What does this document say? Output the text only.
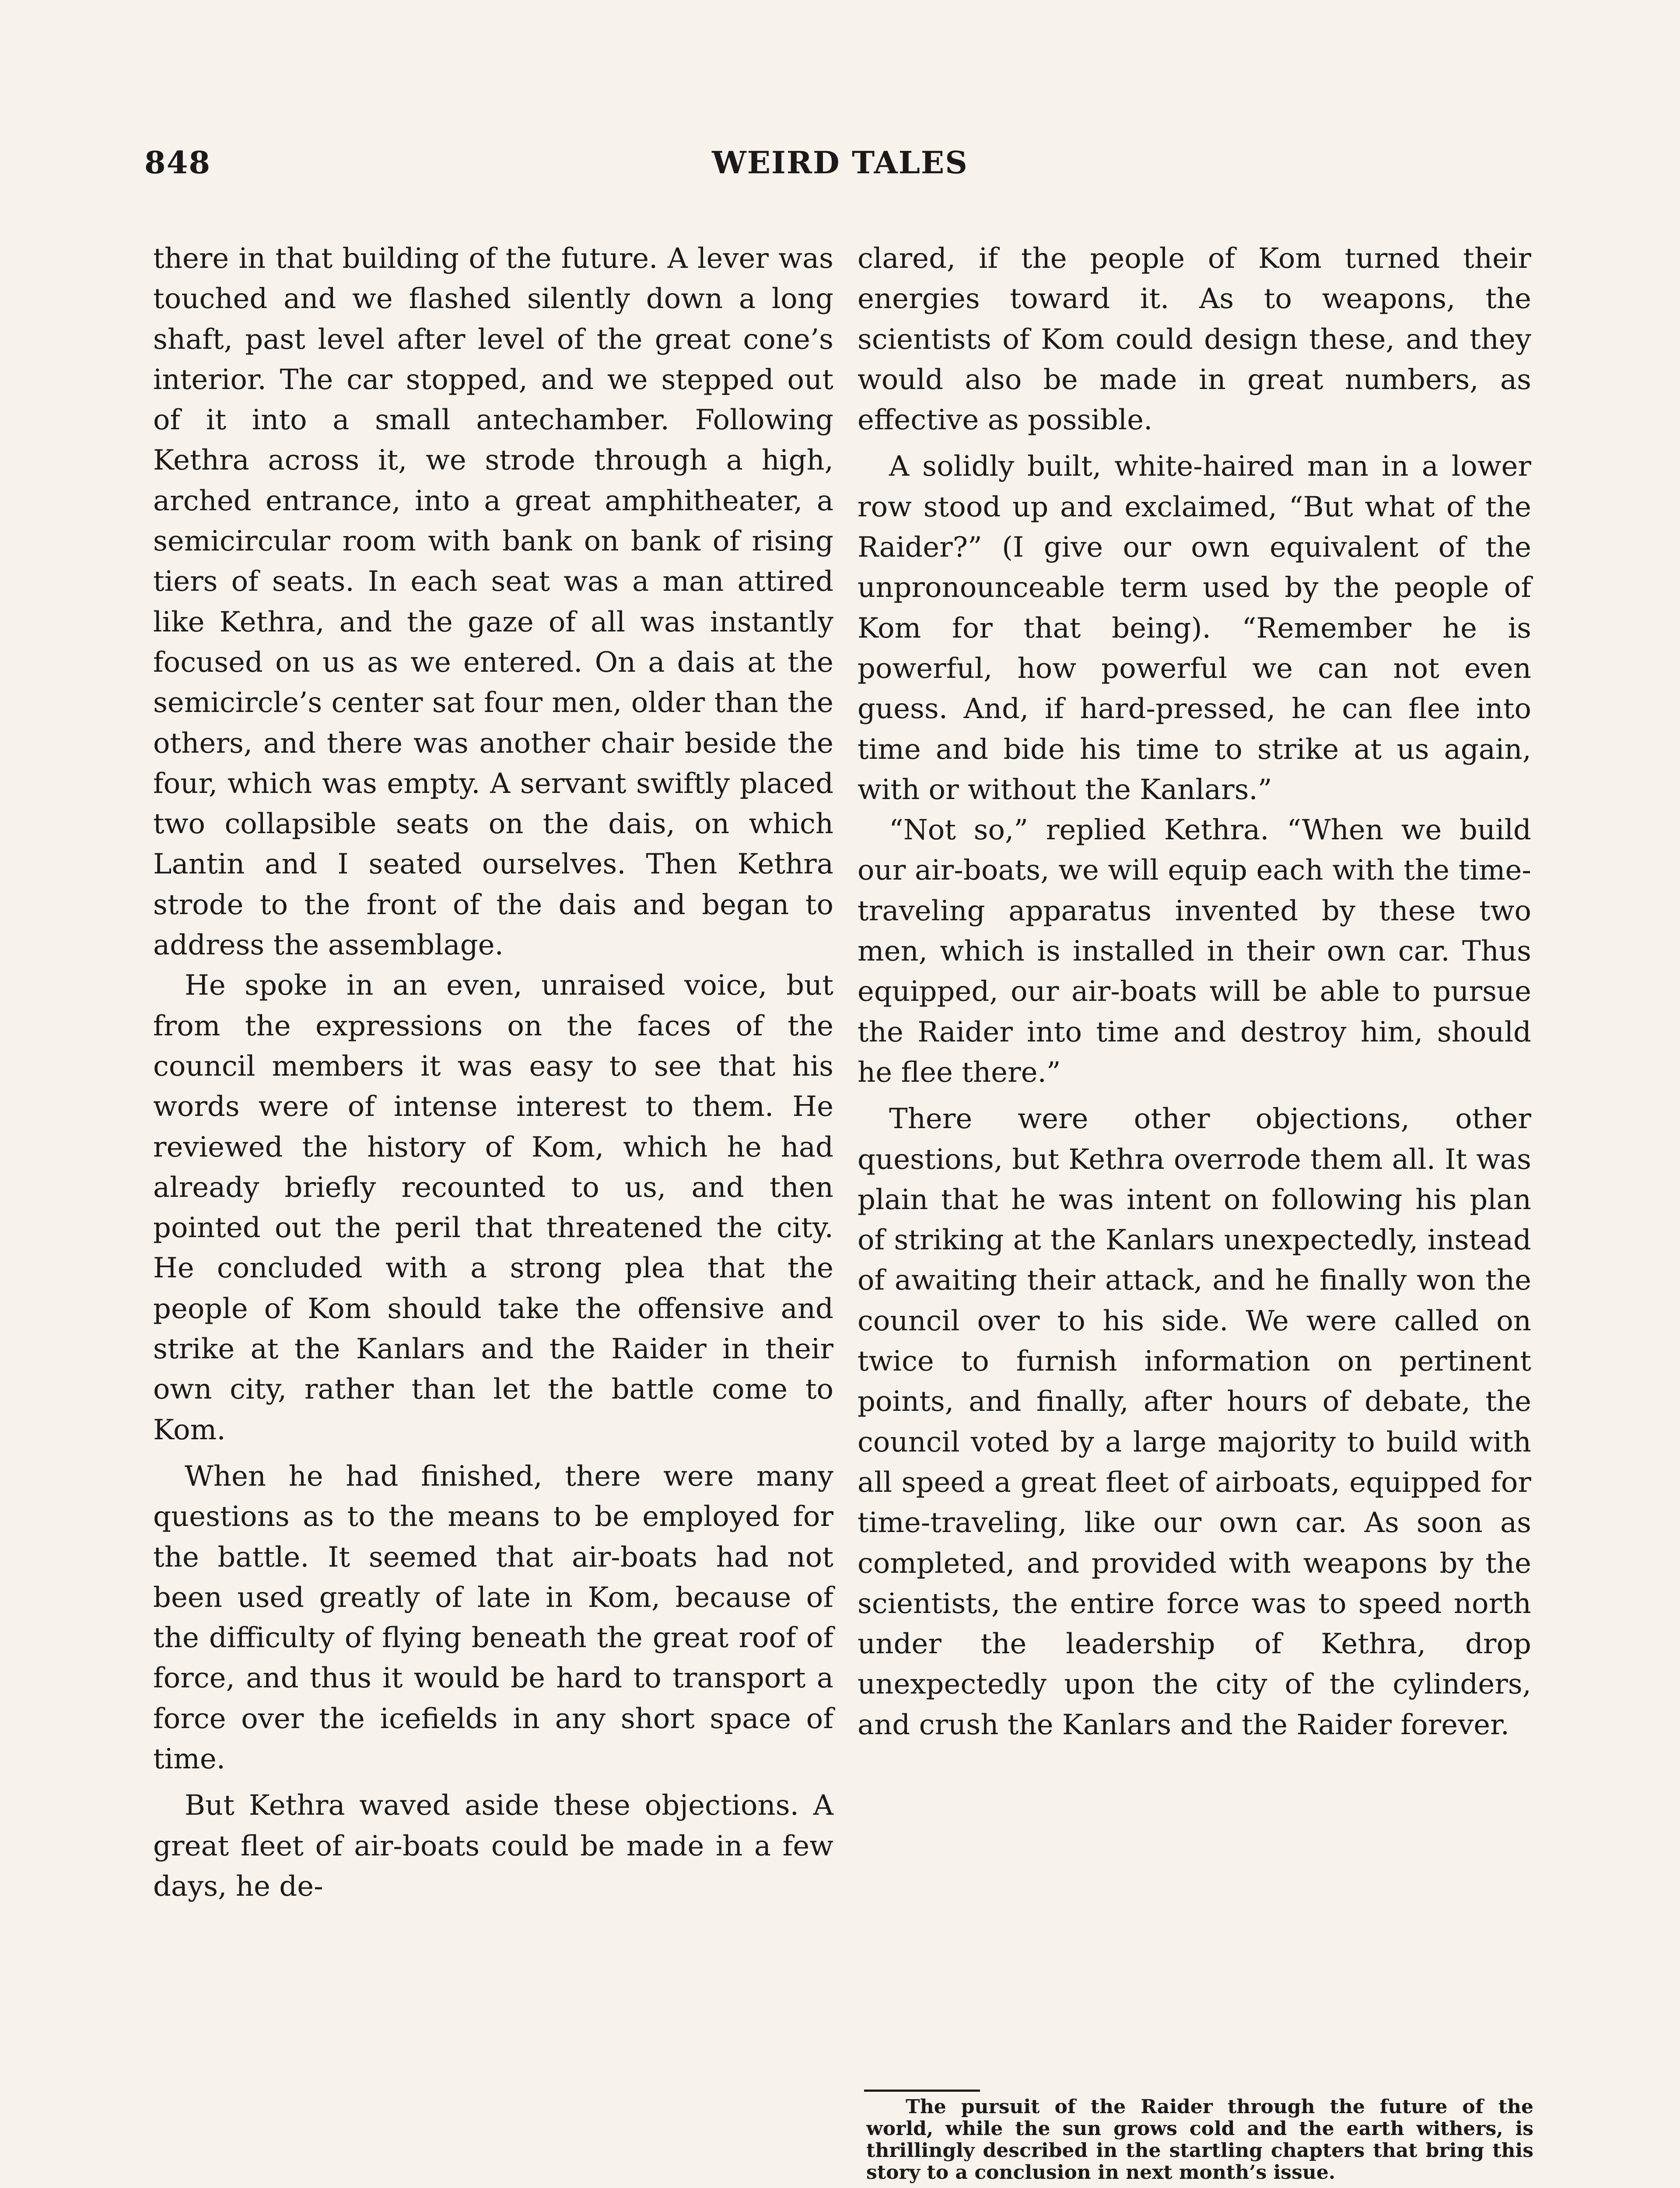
848	WEIRD TALES

there in that building of the future. A lever was touched and we flashed silently down a long shaft, past level after level of the great cone’s interior. The car stopped, and we stepped out of it into a small antechamber. Following Kethra across it, we strode through a high, arched entrance, into a great amphitheater, a semicircular room with bank on bank of rising tiers of seats. In each seat was a man attired like Kethra, and the gaze of all was instantly focused on us as we entered. On a dais at the semicircle’s center sat four men, older than the others, and there was another chair beside the four, which was empty. A servant swiftly placed two collapsible seats on the dais, on which Lantin and I seated ourselves. Then Kethra strode to the front of the dais and began to address the assemblage.

He spoke in an even, unraised voice, but from the expressions on the faces of the council members it was easy to see that his words were of intense interest to them. He reviewed the history of Kom, which he had already briefly recounted to us, and then pointed out the peril that threatened the city. He concluded with a strong plea that the people of Kom should take the offensive and strike at the Kanlars and the Raider in their own city, rather than let the battle come to Kom.

When he had finished, there were many questions as to the means to be employed for the battle. It seemed that air-boats had not been used greatly of late in Kom, because of the difficulty of flying beneath the great roof of force, and thus it would be hard to transport a force over the icefields in any short space of time.

But Kethra waved aside these objections. A great fleet of air-boats could be made in a few days, he de-

clared, if the people of Kom turned their energies toward it. As to weapons, the scientists of Kom could design these, and they would also be made in great numbers, as effective as possible.

A solidly built, white-haired man in a lower row stood up and exclaimed, “But what of the Raider?” (I give our own equivalent of the unpronounceable term used by the people of Kom for that being). “Remember he is powerful, how powerful we can not even guess. And, if hard-pressed, he can flee into time and bide his time to strike at us again, with or without the Kanlars.”

“Not so,” replied Kethra. “When we build our air-boats, we will equip each with the time-traveling apparatus invented by these two men, which is installed in their own car. Thus equipped, our air-boats will be able to pursue the Raider into time and destroy him, should he flee there.”

There were other objections, other questions, but Kethra overrode them all. It was plain that he was intent on following his plan of striking at the Kanlars unexpectedly, instead of awaiting their attack, and he finally won the council over to his side. We were called on twice to furnish information on pertinent points, and finally, after hours of debate, the council voted by a large majority to build with all speed a great fleet of airboats, equipped for time-traveling, like our own car. As soon as completed, and provided with weapons by the scientists, the entire force was to speed north under the leadership of Kethra, drop unexpectedly upon the city of the cylinders, and crush the Kanlars and the Raider forever.

The pursuit of the Raider through the future of the world, while the sun grows cold and the earth withers, is thrillingly described in the startling chapters that bring this story to a conclusion in next month’s issue.
